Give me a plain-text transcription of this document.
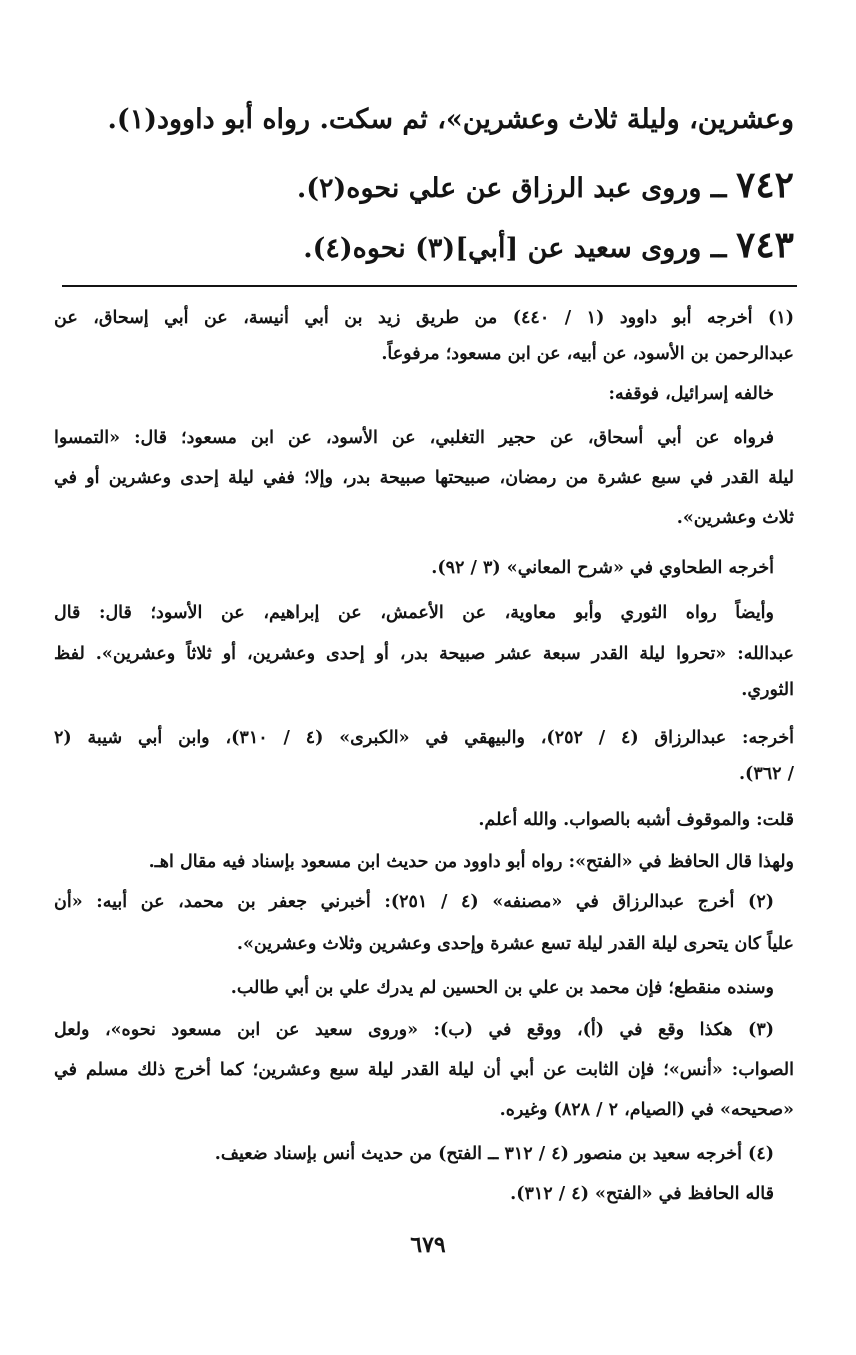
وعشرين، وليلة ثلاث وعشرين»، ثم سكت. رواه أبو داوود(١).
٧٤٢ ــ وروى عبد الرزاق عن علي نحوه(٢).
٧٤٣ ــ وروى سعيد عن [أبي](٣) نحوه(٤).
(١) أخرجه أبو داوود (١ / ٤٤٠) من طريق زيد بن أبي أنيسة، عن أبي إسحاق، عن
عبدالرحمن بن الأسود، عن أبيه، عن ابن مسعود؛ مرفوعاً.
خالفه إسرائيل، فوقفه:
فرواه عن أبي أسحاق، عن حجير التغلبي، عن الأسود، عن ابن مسعود؛ قال: «التمسوا
ليلة القدر في سبع عشرة من رمضان، صبيحتها صبيحة بدر، وإلا؛ ففي ليلة إحدى وعشرين أو في
ثلاث وعشرين».
أخرجه الطحاوي في «شرح المعاني» (٣ / ٩٢).
وأيضاً رواه الثوري وأبو معاوية، عن الأعمش، عن إبراهيم، عن الأسود؛ قال: قال
عبدالله: «تحروا ليلة القدر سبعة عشر صبيحة بدر، أو إحدى وعشرين، أو ثلاثاً وعشرين». لفظ
الثوري.
أخرجه: عبدالرزاق (٤ / ٢٥٢)، والبيهقي في «الكبرى» (٤ / ٣١٠)، وابن أبي شيبة (٢
/ ٣٦٢).
قلت: والموقوف أشبه بالصواب. والله أعلم.
ولهذا قال الحافظ في «الفتح»: رواه أبو داوود من حديث ابن مسعود بإسناد فيه مقال اهـ.
(٢) أخرج عبدالرزاق في «مصنفه» (٤ / ٢٥١): أخبرني جعفر بن محمد، عن أبيه: «أن
علياً كان يتحرى ليلة القدر ليلة تسع عشرة وإحدى وعشرين وثلاث وعشرين».
وسنده منقطع؛ فإن محمد بن علي بن الحسين لم يدرك علي بن أبي طالب.
(٣) هكذا وقع في (أ)، ووقع في (ب): «وروى سعيد عن ابن مسعود نحوه»، ولعل
الصواب: «أنس»؛ فإن الثابت عن أبي أن ليلة القدر ليلة سبع وعشرين؛ كما أخرج ذلك مسلم في
«صحيحه» في (الصيام، ٢ / ٨٢٨) وغيره.
(٤) أخرجه سعيد بن منصور (٤ / ٣١٢ ــ الفتح) من حديث أنس بإسناد ضعيف.
قاله الحافظ في «الفتح» (٤ / ٣١٢).
٦٧٩
